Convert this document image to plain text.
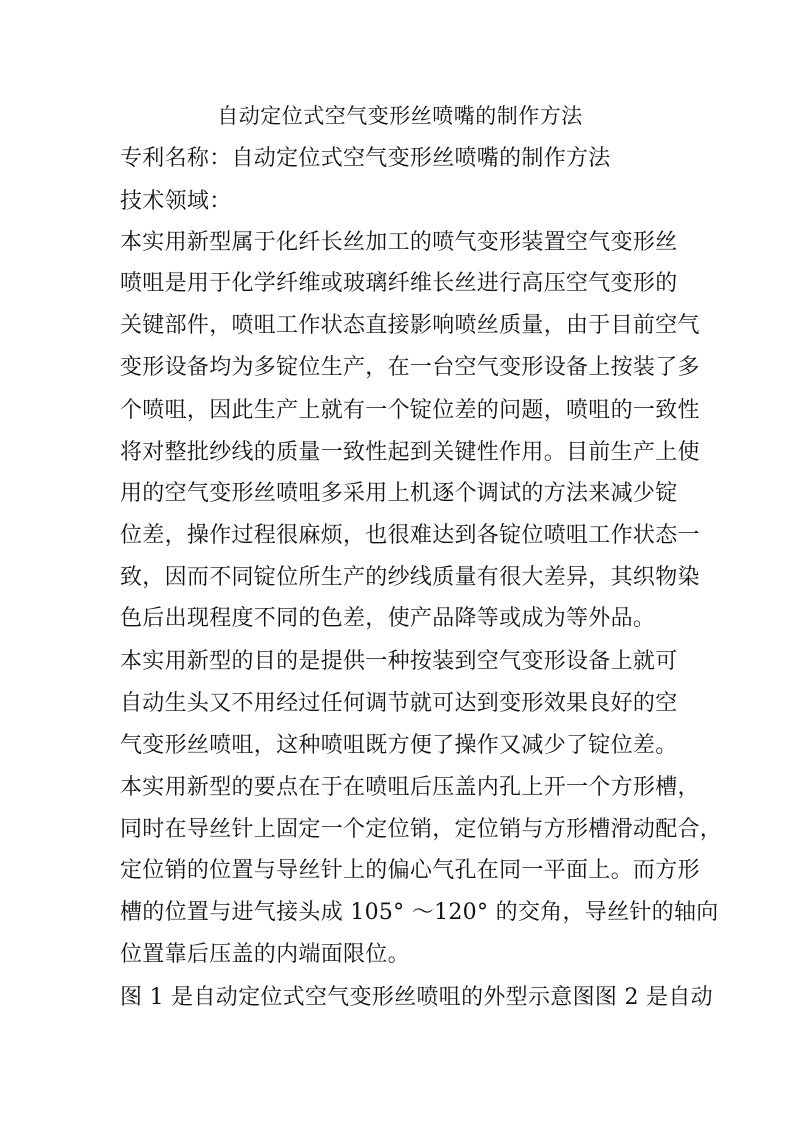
自动定位式空气变形丝喷嘴的制作方法
专利名称：自动定位式空气变形丝喷嘴的制作方法
技术领域：
本实用新型属于化纤长丝加工的喷气变形装置空气变形丝
喷咀是用于化学纤维或玻璃纤维长丝进行高压空气变形的
关键部件，喷咀工作状态直接影响喷丝质量，由于目前空气
变形设备均为多锭位生产，在一台空气变形设备上按装了多
个喷咀，因此生产上就有一个锭位差的问题，喷咀的一致性
将对整批纱线的质量一致性起到关键性作用。目前生产上使
用的空气变形丝喷咀多采用上机逐个调试的方法来减少锭
位差，操作过程很麻烦，也很难达到各锭位喷咀工作状态一
致，因而不同锭位所生产的纱线质量有很大差异，其织物染
色后出现程度不同的色差，使产品降等或成为等外品。
本实用新型的目的是提供一种按装到空气变形设备上就可
自动生头又不用经过任何调节就可达到变形效果良好的空
气变形丝喷咀，这种喷咀既方便了操作又减少了锭位差。
本实用新型的要点在于在喷咀后压盖内孔上开一个方形槽，
同时在导丝针上固定一个定位销，定位销与方形槽滑动配合，
定位销的位置与导丝针上的偏心气孔在同一平面上。而方形
槽的位置与进气接头成 105° ～120° 的交角，导丝针的轴向
位置靠后压盖的内端面限位。
图 1 是自动定位式空气变形丝喷咀的外型示意图图 2 是自动
